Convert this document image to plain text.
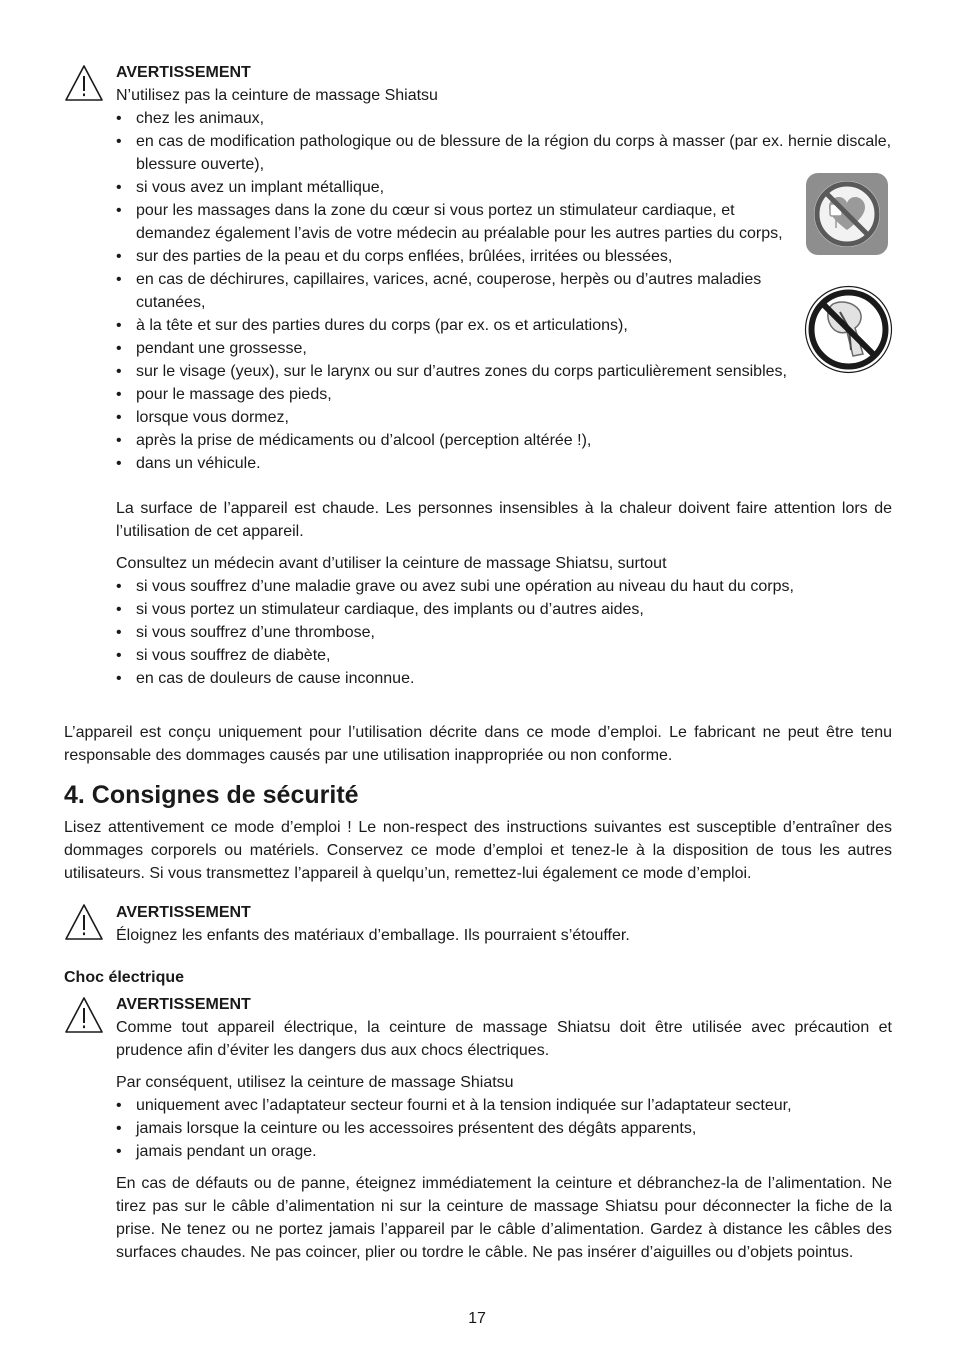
AVERTISSEMENT

N’utilisez pas la ceinture de massage Shiatsu

• chez les animaux,
• en cas de modification pathologique ou de blessure de la région du corps à masser (par ex. hernie discale, blessure ouverte),
• si vous avez un implant métallique,
• pour les massages dans la zone du cœur si vous portez un stimulateur cardiaque, et demandez également l’avis de votre médecin au préalable pour les autres parties du corps,
• sur des parties de la peau et du corps enflées, brûlées, irritées ou blessées,
• en cas de déchirures, capillaires, varices, acné, couperose, herpès ou d’autres maladies cutanées,
• à la tête et sur des parties dures du corps (par ex. os et articulations),
• pendant une grossesse,
• sur le visage (yeux), sur le larynx ou sur d’autres zones du corps particulièrement sensibles,
• pour le massage des pieds,
• lorsque vous dormez,
• après la prise de médicaments ou d’alcool (perception altérée !),
• dans un véhicule.

La surface de l’appareil est chaude. Les personnes insensibles à la chaleur doivent faire attention lors de l’utilisation de cet appareil.

Consultez un médecin avant d’utiliser la ceinture de massage Shiatsu, surtout

• si vous souffrez d’une maladie grave ou avez subi une opération au niveau du haut du corps,
• si vous portez un stimulateur cardiaque, des implants ou d’autres aides,
• si vous souffrez d’une thrombose,
• si vous souffrez de diabète,
• en cas de douleurs de cause inconnue.

L’appareil est conçu uniquement pour l’utilisation décrite dans ce mode d’emploi. Le fabricant ne peut être tenu responsable des dommages causés par une utilisation inappropriée ou non conforme.

4. Consignes de sécurité

Lisez attentivement ce mode d’emploi ! Le non-respect des instructions suivantes est susceptible d’entraîner des dommages corporels ou matériels. Conservez ce mode d’emploi et tenez-le à la disposition de tous les autres utilisateurs. Si vous transmettez l’appareil à quelqu’un, remettez-lui également ce mode d’emploi.

AVERTISSEMENT

Éloignez les enfants des matériaux d’emballage. Ils pourraient s’étouffer.

Choc électrique

AVERTISSEMENT

Comme tout appareil électrique, la ceinture de massage Shiatsu doit être utilisée avec précaution et prudence afin d’éviter les dangers dus aux chocs électriques.

Par conséquent, utilisez la ceinture de massage Shiatsu

• uniquement avec l’adaptateur secteur fourni et à la tension indiquée sur l’adaptateur secteur,
• jamais lorsque la ceinture ou les accessoires présentent des dégâts apparents,
• jamais pendant un orage.

En cas de défauts ou de panne, éteignez immédiatement la ceinture et débranchez-la de l’alimentation. Ne tirez pas sur le câble d’alimentation ni sur la ceinture de massage Shiatsu pour déconnecter la fiche de la prise. Ne tenez ou ne portez jamais l’appareil par le câble d’alimentation. Gardez à distance les câbles des surfaces chaudes. Ne pas coincer, plier ou tordre le câble. Ne pas insérer d’aiguilles ou d’objets pointus.

17
